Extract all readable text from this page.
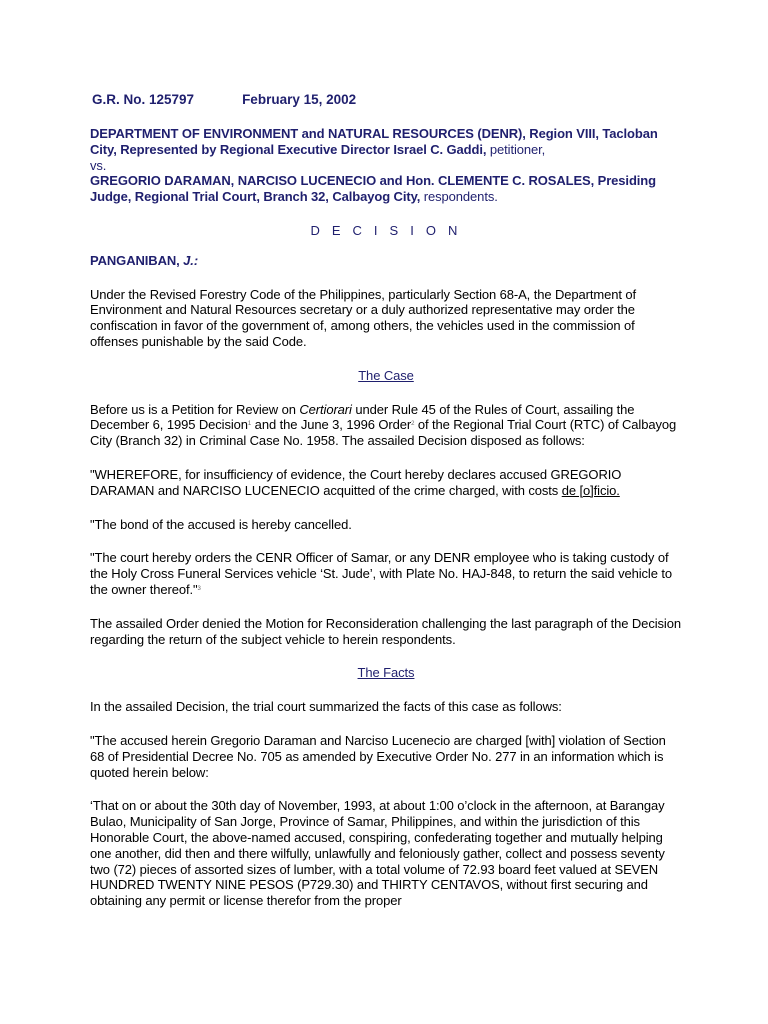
G.R. No. 125797	February 15, 2002

DEPARTMENT OF ENVIRONMENT and NATURAL RESOURCES (DENR), Region VIII, Tacloban City, Represented by Regional Executive Director Israel C. Gaddi, petitioner,
vs.
GREGORIO DARAMAN, NARCISO LUCENECIO and Hon. CLEMENTE C. ROSALES, Presiding Judge, Regional Trial Court, Branch 32, Calbayog City, respondents.

D E C I S I O N

PANGANIBAN, J.:

Under the Revised Forestry Code of the Philippines, particularly Section 68-A, the Department of Environment and Natural Resources secretary or a duly authorized representative may order the confiscation in favor of the government of, among others, the vehicles used in the commission of offenses punishable by the said Code.

The Case

Before us is a Petition for Review on Certiorari under Rule 45 of the Rules of Court, assailing the December 6, 1995 Decision$^1$ and the June 3, 1996 Order$^2$ of the Regional Trial Court (RTC) of Calbayog City (Branch 32) in Criminal Case No. 1958. The assailed Decision disposed as follows:

"WHEREFORE, for insufficiency of evidence, the Court hereby declares accused GREGORIO DARAMAN and NARCISO LUCENECIO acquitted of the crime charged, with costs de [o]ficio.

"The bond of the accused is hereby cancelled.

"The court hereby orders the CENR Officer of Samar, or any DENR employee who is taking custody of the Holy Cross Funeral Services vehicle ‘St. Jude’, with Plate No. HAJ-848, to return the said vehicle to the owner thereof."$^3$

The assailed Order denied the Motion for Reconsideration challenging the last paragraph of the Decision regarding the return of the subject vehicle to herein respondents.

The Facts

In the assailed Decision, the trial court summarized the facts of this case as follows:

"The accused herein Gregorio Daraman and Narciso Lucenecio are charged [with] violation of Section 68 of Presidential Decree No. 705 as amended by Executive Order No. 277 in an information which is quoted herein below:

‘That on or about the 30th day of November, 1993, at about 1:00 o’clock in the afternoon, at Barangay Bulao, Municipality of San Jorge, Province of Samar, Philippines, and within the jurisdiction of this Honorable Court, the above-named accused, conspiring, confederating together and mutually helping one another, did then and there wilfully, unlawfully and feloniously gather, collect and possess seventy two (72) pieces of assorted sizes of lumber, with a total volume of 72.93 board feet valued at SEVEN HUNDRED TWENTY NINE PESOS (P729.30) and THIRTY CENTAVOS, without first securing and obtaining any permit or license therefor from the proper
